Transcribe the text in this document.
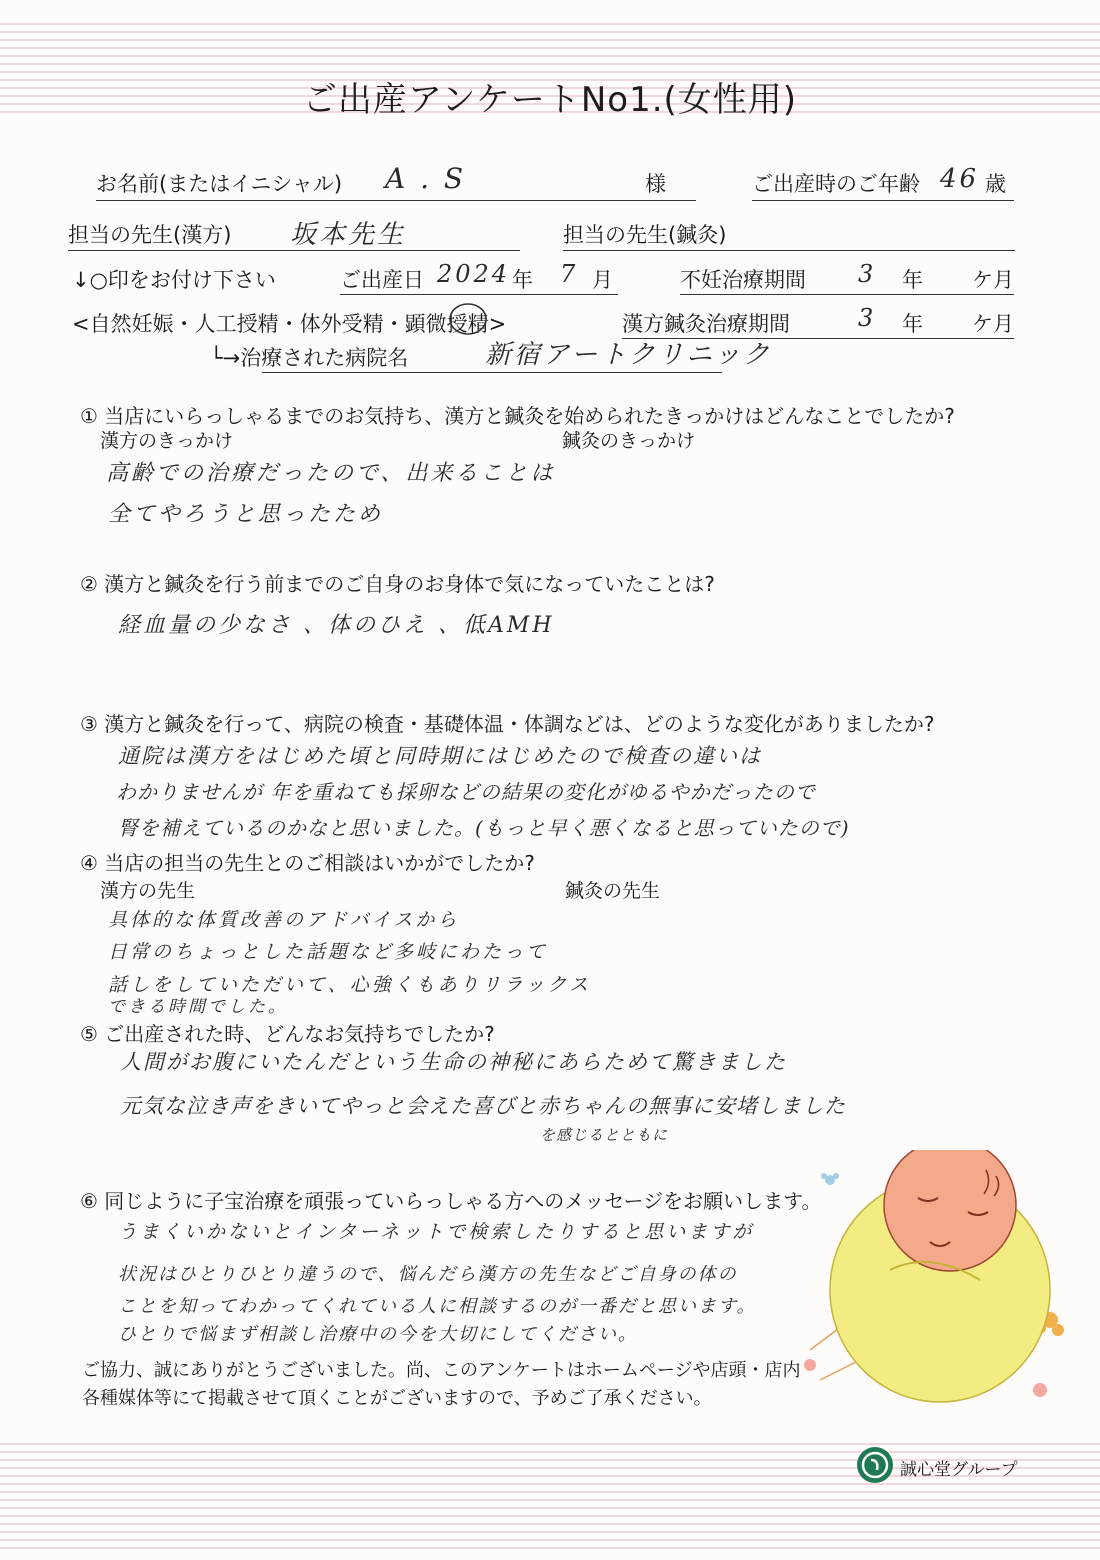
ご出産アンケートNo1.(女性用)
お名前(またはイニシャル) A . S	様	ご出産時のご年齢 46 歳
担当の先生(漢方) 坂本先生	担当の先生(鍼灸)
↓○印をお付け下さい	ご出産日 2024 年 7 月	不妊治療期間 3 年 ケ月
<自然妊娠・人工授精・体外受精・顕微授精>	漢方鍼灸治療期間	3 年 ケ月
└→治療された病院名	新宿アートクリニック
① 当店にいらっしゃるまでのお気持ち、漢方と鍼灸を始められたきっかけはどんなことでしたか?
漢方のきっかけ	鍼灸のきっかけ
高齢での治療だったので、出来ることは
全てやろうと思ったため
② 漢方と鍼灸を行う前までのご自身のお身体で気になっていたことは?
経血量の少なさ 、体のひえ 、低AMH
③ 漢方と鍼灸を行って、病院の検査・基礎体温・体調などは、どのような変化がありましたか?
通院は漢方をはじめた頃と同時期にはじめたので検査の違いは
わかりませんが 年を重ねても採卵などの結果の変化がゆるやかだったので
腎を補えているのかなと思いました。(もっと早く悪くなると思っていたので)
④ 当店の担当の先生とのご相談はいかがでしたか?
漢方の先生	鍼灸の先生
具体的な体質改善のアドバイスから
日常のちょっとした話題など多岐にわたって
話しをしていただいて、心強くもありリラックス
できる時間でした。
⑤ ご出産された時、どんなお気持ちでしたか?
人間がお腹にいたんだという生命の神秘にあらためて驚きました
元気な泣き声をきいてやっと会えた喜びと赤ちゃんの無事に安堵しました
を感じるとともに
⑥ 同じように子宝治療を頑張っていらっしゃる方へのメッセージをお願いします。
うまくいかないとインターネットで検索したりすると思いますが
状況はひとりひとり違うので、悩んだら漢方の先生などご自身の体の
ことを知ってわかってくれている人に相談するのが一番だと思います。
ひとりで悩まず相談し治療中の今を大切にしてください。
ご協力、誠にありがとうございました。尚、このアンケートはホームページや店頭・店内
各種媒体等にて掲載させて頂くことがございますので、予めご了承ください。
誠心堂グループ
